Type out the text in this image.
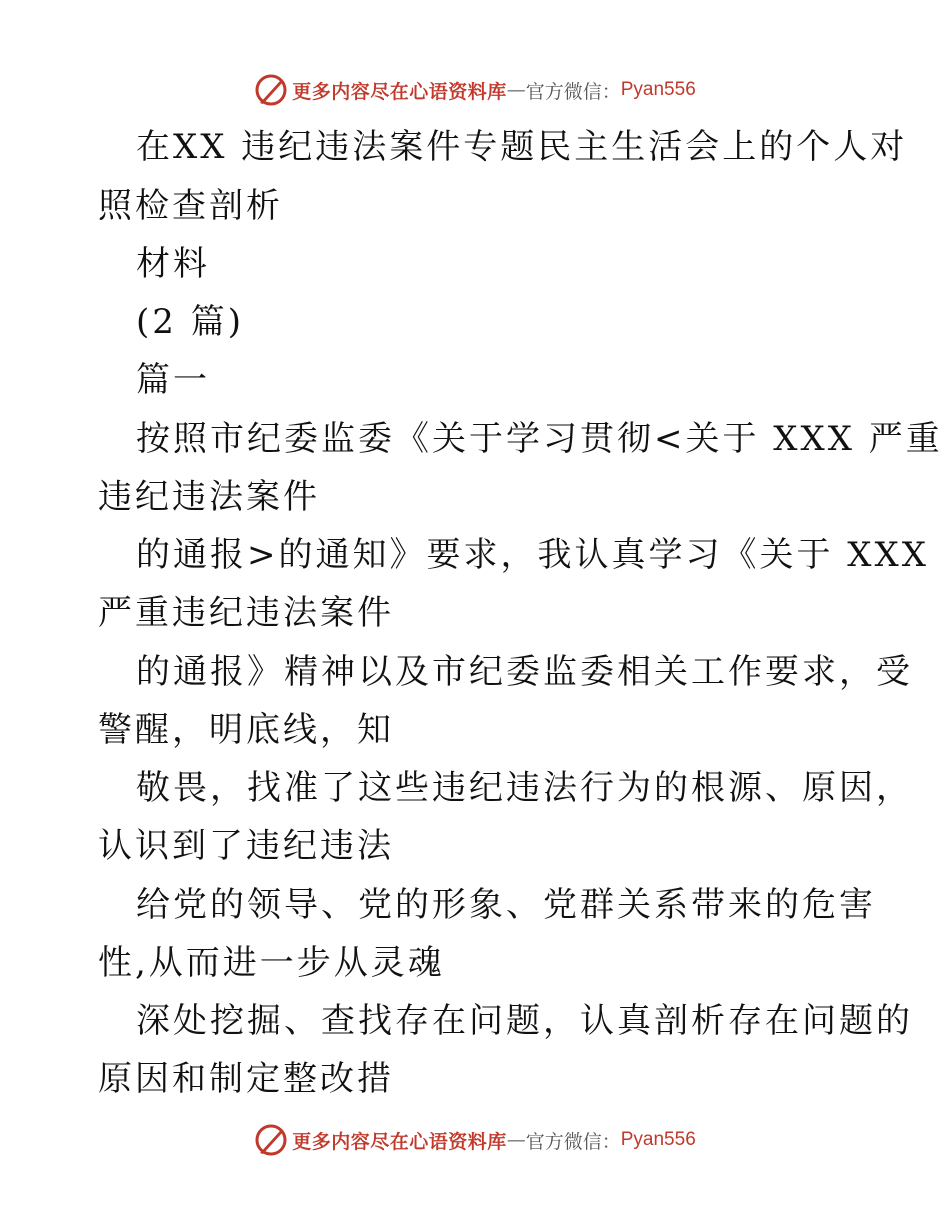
更多内容尽在心语资料库 — 官方微信： Pyan556
在XX 违纪违法案件专题民主生活会上的个人对
照检查剖析
材料
(2 篇)
篇一
按照市纪委监委《关于学习贯彻<关于 XXX 严重
违纪违法案件
的通报>的通知》要求，我认真学习《关于 XXX
严重违纪违法案件
的通报》精神以及市纪委监委相关工作要求，受
警醒，明底线，知
敬畏，找准了这些违纪违法行为的根源、原因，
认识到了违纪违法
给党的领导、党的形象、党群关系带来的危害
性,从而进一步从灵魂
深处挖掘、查找存在问题，认真剖析存在问题的
原因和制定整改措
更多内容尽在心语资料库 — 官方微信： Pyan556
